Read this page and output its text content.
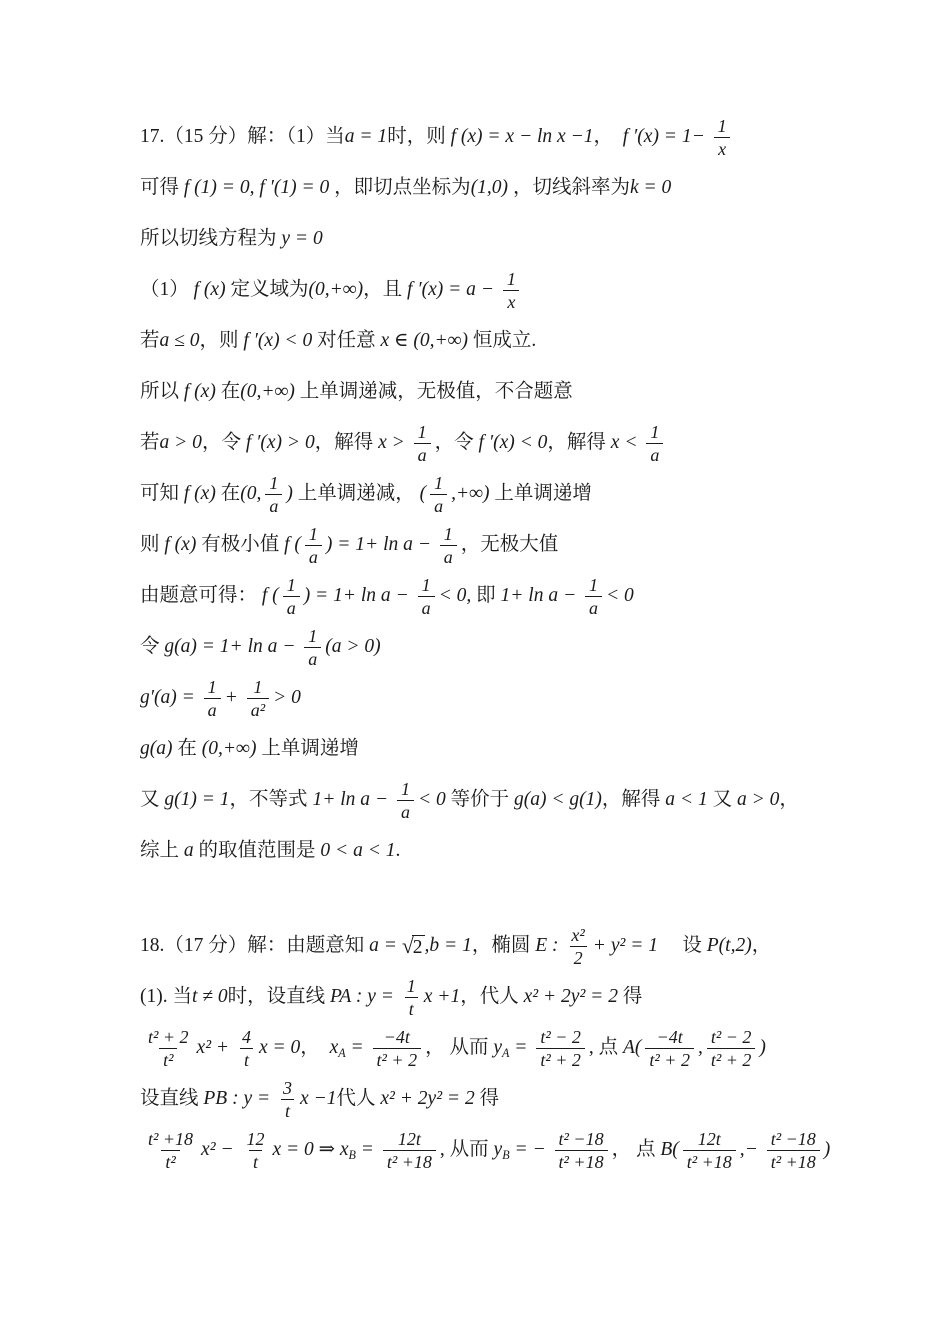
17.（15 分）解：（1）当 a = 1 时，则 f (x) = x − ln x −1 ， f $'(x) = 1- \frac{1}{x}$
可得 f (1) = 0, f ′(1) = 0 ，即切点坐标为 (1,0) ，切线斜率为 k = 0
所以切线方程为 y = 0
（1） f (x) 定义域为 (0,+∞) ，且 f $'(x) = a - \frac{1}{x}$
若 a ≤ 0 ，则 f ′(x) < 0 对任意 x ∈ (0,+∞) 恒成立.
所以 f (x) 在 (0,+∞) 上单调递减，无极值，不合题意
若 a > 0 ，令 f ′(x) > 0 ，解得 $x > \frac{1}{a}$ ，令 f ′(x) < 0 ，解得 $x < \frac{1}{a}$
可知 f (x) 在 (0, $\frac{1}{a}$ ) 上单调递减， ( $\frac{1}{a}$ ,+∞) 上单调递增
则 f (x) 有极小值 f ( $\frac{1}{a}$ ) = $1+ \ln a - \frac{1}{a}$ ，无极大值
由题意可得： f ( $\frac{1}{a}$ ) = $1+ \ln a - \frac{1}{a} < 0$, 即 $1+ \ln a - \frac{1}{a} < 0$
令 $g(a) = 1+ \ln a - \frac{1}{a} (a > 0)$
$g'(a) = \frac{1}{a} + \frac{1}{\text{a²}} > 0$
g(a) 在 (0,+∞) 上单调递增
又 g(1) = 1 ，不等式 $1+ \ln a - \frac{1}{a} < 0$ 等价于 g(a) < g(1) ，解得 a < 1 又 a > 0 ，
综上 a 的取值范围是 0 < a < 1 .
18.（17 分）解：由题意知 a = √2 ,b = 1 ，椭圆 E : $\frac{\text{x²}}{2} + y^2 = 1$ 　 设 P(t,2) ，
(1). 当 t ≠ 0 时，设直线 PA : $y = \frac{1}{t}$ x +1 ，代人 x² + 2y² = 2 得
$\frac{\text{t² + 2}}{\text{t²}} x^2 + \frac{4}{t}$ x = 0 ， $x_A = \frac{-4t}{\text{t² + 2}}$ ， 从而 $y_A = \frac{\text{t² − 2}}{\text{t² + 2}}$ , 点 $A( \frac{-4t}{\text{t² + 2}}$ , $\frac{\text{t² − 2}}{\text{t² + 2}}$ )
设直线 PB : $y = \frac{3}{t}$ x −1 代人 x² + 2y² = 2 得
$\frac{\text{t² +18}}{\text{t²}} x^2 - \frac{12}{t}$ x = 0 ⇒ $x_B = \frac{12t}{\text{t² +18}}$ , 从而 $y_B$ = − $\frac{\text{t² −18}}{\text{t² +18}}$ ， 点 $B( \frac{12t}{\text{t² +18}}$ ,− $\frac{\text{t² −18}}{\text{t² +18}}$ )
